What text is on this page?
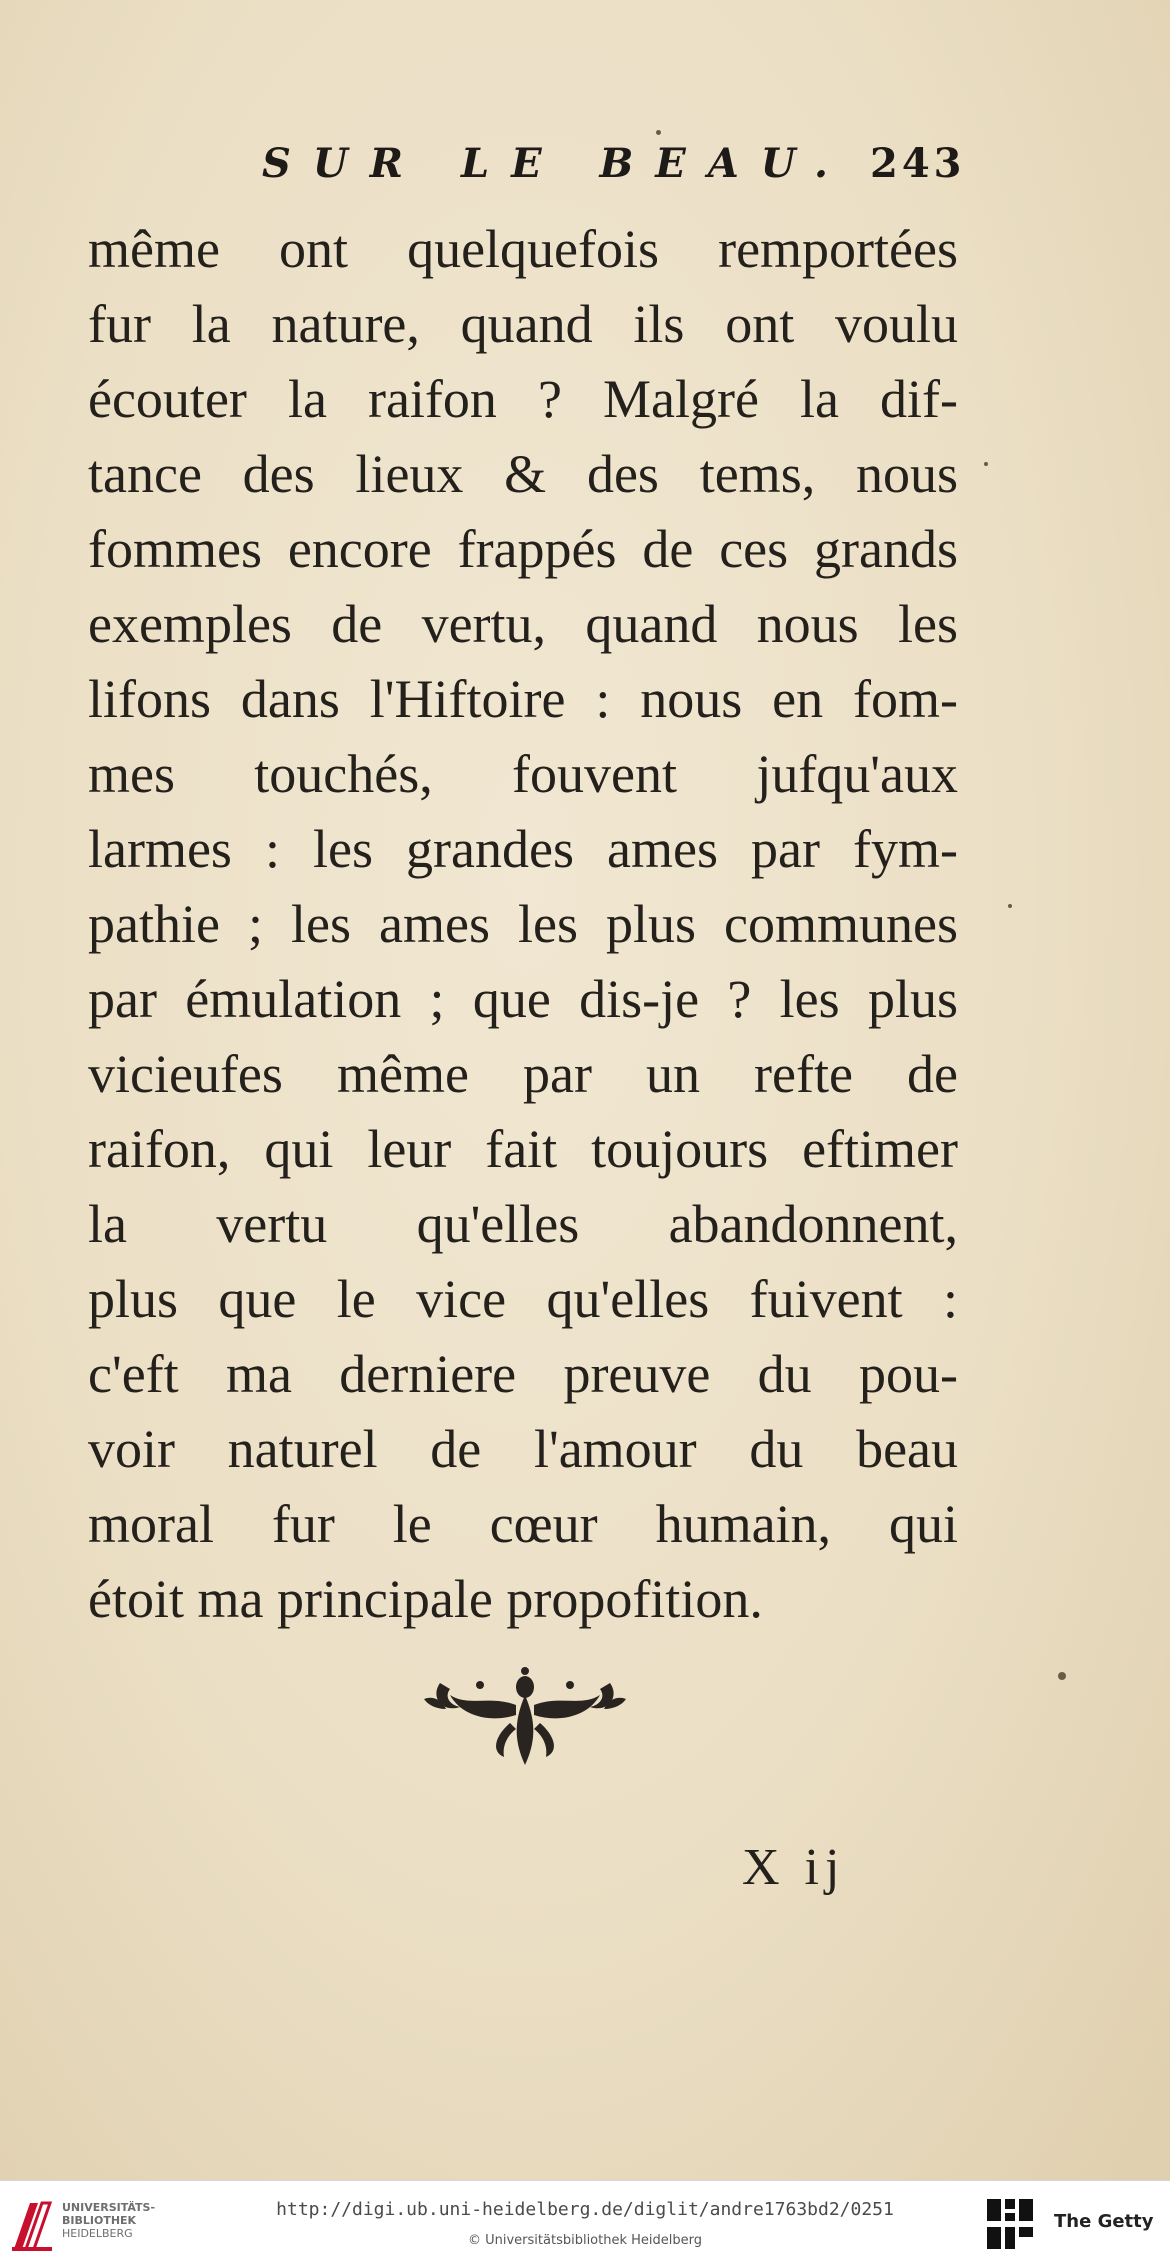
SUR LE BEAU. 243
même ont quelquefois remportées
fur la nature, quand ils ont voulu
écouter la raifon ? Malgré la dif-
tance des lieux & des tems, nous
fommes encore frappés de ces grands
exemples de vertu, quand nous les
lifons dans l'Hiftoire : nous en fom-
mes touchés, fouvent jufqu'aux
larmes : les grandes ames par fym-
pathie ; les ames les plus communes
par émulation ; que dis-je ? les plus
vicieufes même par un refte de
raifon, qui leur fait toujours eftimer
la vertu qu'elles abandonnent,
plus que le vice qu'elles fuivent :
c'eft ma derniere preuve du pou-
voir naturel de l'amour du beau
moral fur le cœur humain, qui
étoit ma principale propofition.
X ij
UNIVERSITÄTS-
BIBLIOTHEK
HEIDELBERG
http://digi.ub.uni-heidelberg.de/diglit/andre1763bd2/0251
© Universitätsbibliothek Heidelberg
The Getty
